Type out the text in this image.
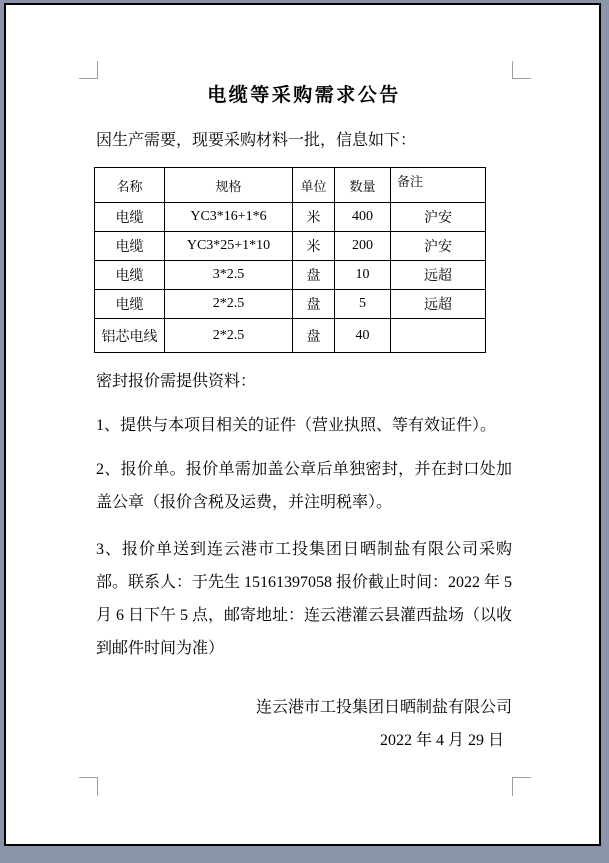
电缆等采购需求公告

因生产需要，现要采购材料一批，信息如下：

名称	规格	单位	数量	备注
电缆	YC3*16+1*6	米	400	沪安
电缆	YC3*25+1*10	米	200	沪安
电缆	3*2.5	盘	10	远超
电缆	2*2.5	盘	5	远超
铝芯电线	2*2.5	盘	40	

密封报价需提供资料：

1、提供与本项目相关的证件（营业执照、等有效证件）。

2、报价单。报价单需加盖公章后单独密封，并在封口处加盖公章（报价含税及运费，并注明税率）。

3、报价单送到连云港市工投集团日晒制盐有限公司采购部。联系人：于先生 15161397058 报价截止时间：2022 年 5 月 6 日下午 5 点，邮寄地址：连云港灌云县灌西盐场（以收到邮件时间为准）

连云港市工投集团日晒制盐有限公司

2022 年 4 月 29 日
